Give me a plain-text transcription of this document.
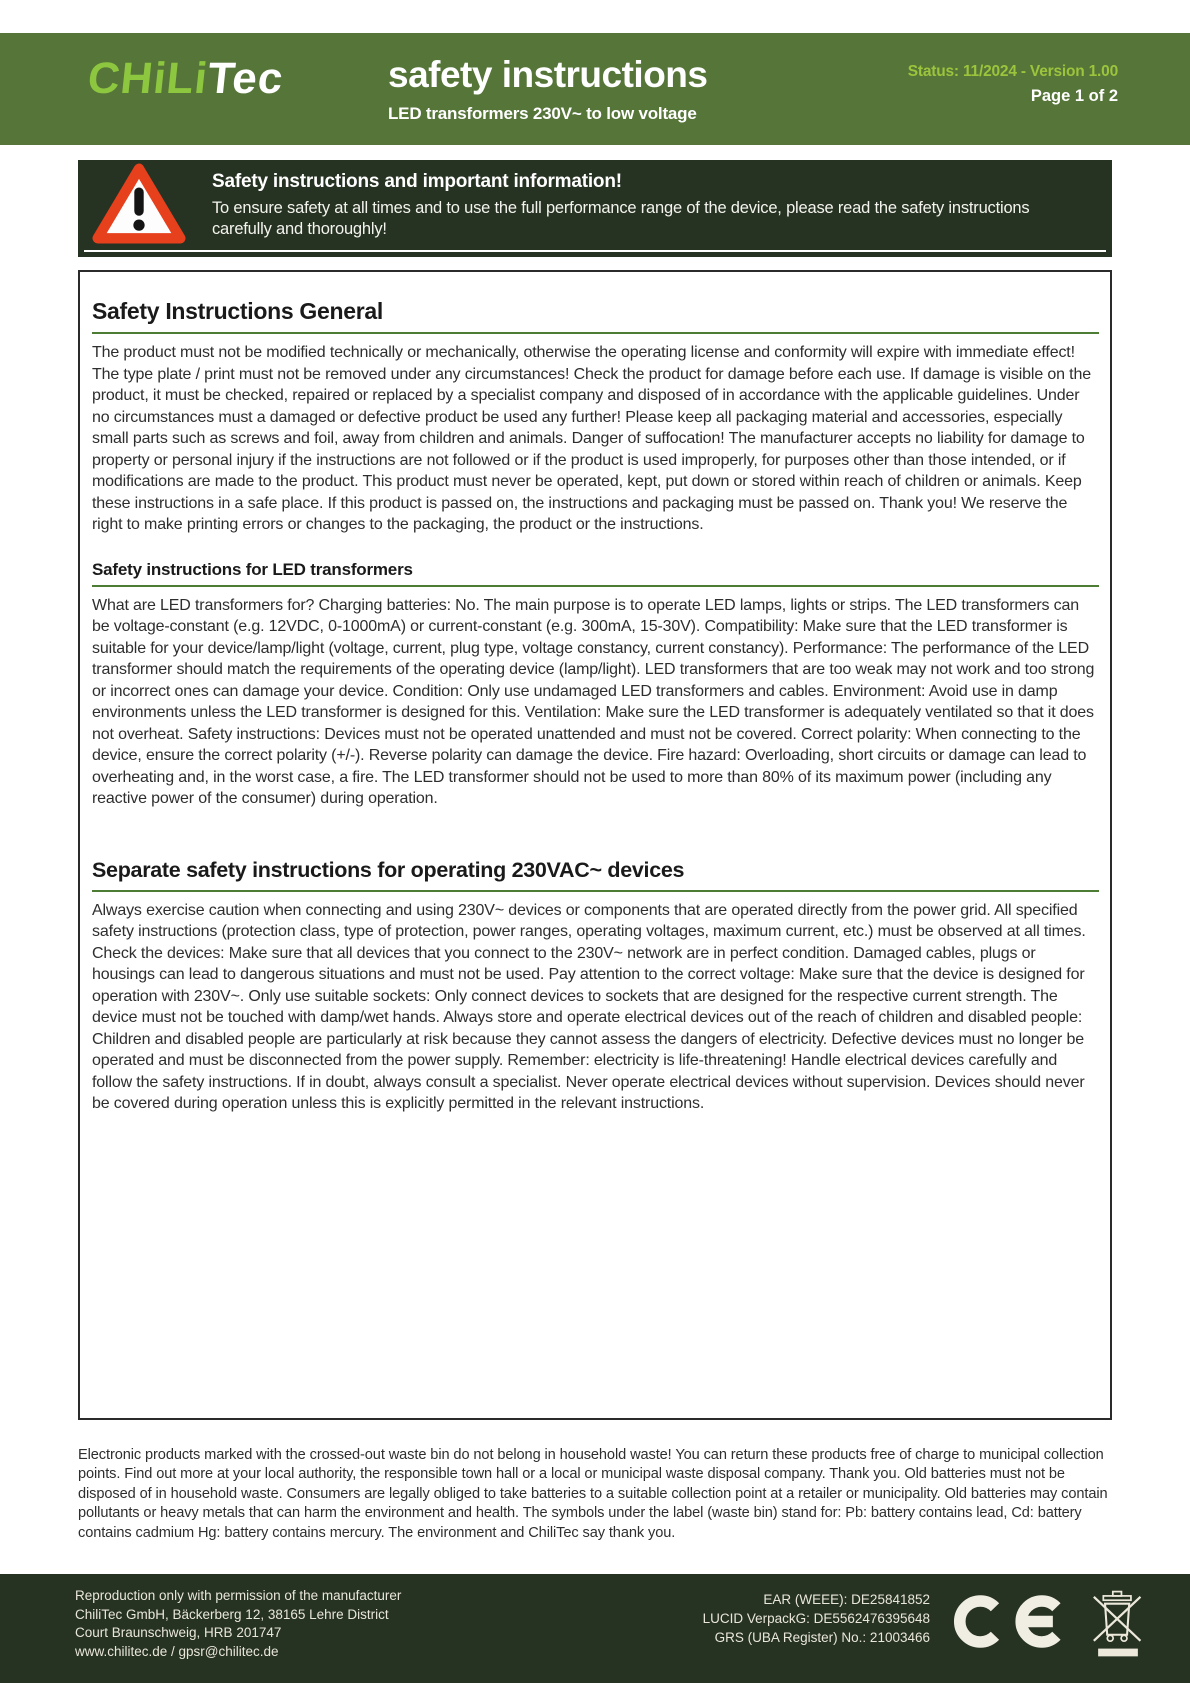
CHiLiTec	safety instructions
LED transformers 230V~ to low voltage
Status: 11/2024 - Version 1.00
Page 1 of 2
Safety instructions and important information!
To ensure safety at all times and to use the full performance range of the device, please read the safety instructions carefully and thoroughly!
Safety Instructions General

The product must not be modified technically or mechanically, otherwise the operating license and conformity will expire with immediate effect! The type plate / print must not be removed under any circumstances! Check the product for damage before each use. If damage is visible on the product, it must be checked, repaired or replaced by a specialist company and disposed of in accordance with the applicable guidelines. Under no circumstances must a damaged or defective product be used any further! Please keep all packaging material and accessories, especially small parts such as screws and foil, away from children and animals. Danger of suffocation! The manufacturer accepts no liability for damage to property or personal injury if the instructions are not followed or if the product is used improperly, for purposes other than those intended, or if modifications are made to the product. This product must never be operated, kept, put down or stored within reach of children or animals. Keep these instructions in a safe place. If this product is passed on, the instructions and packaging must be passed on. Thank you! We reserve the right to make printing errors or changes to the packaging, the product or the instructions.

Safety instructions for LED transformers

What are LED transformers for? Charging batteries: No. The main purpose is to operate LED lamps, lights or strips. The LED transformers can be voltage-constant (e.g. 12VDC, 0-1000mA) or current-constant (e.g. 300mA, 15-30V). Compatibility: Make sure that the LED transformer is suitable for your device/lamp/light (voltage, current, plug type, voltage constancy, current constancy). Performance: The performance of the LED transformer should match the requirements of the operating device (lamp/light). LED transformers that are too weak may not work and too strong or incorrect ones can damage your device. Condition: Only use undamaged LED transformers and cables. Environment: Avoid use in damp environments unless the LED transformer is designed for this. Ventilation: Make sure the LED transformer is adequately ventilated so that it does not overheat. Safety instructions: Devices must not be operated unattended and must not be covered. Correct polarity: When connecting to the device, ensure the correct polarity (+/-). Reverse polarity can damage the device. Fire hazard: Overloading, short circuits or damage can lead to overheating and, in the worst case, a fire. The LED transformer should not be used to more than 80% of its maximum power (including any reactive power of the consumer) during operation.

Separate safety instructions for operating 230VAC~ devices

Always exercise caution when connecting and using 230V~ devices or components that are operated directly from the power grid. All specified safety instructions (protection class, type of protection, power ranges, operating voltages, maximum current, etc.) must be observed at all times. Check the devices: Make sure that all devices that you connect to the 230V~ network are in perfect condition. Damaged cables, plugs or housings can lead to dangerous situations and must not be used. Pay attention to the correct voltage: Make sure that the device is designed for operation with 230V~. Only use suitable sockets: Only connect devices to sockets that are designed for the respective current strength. The device must not be touched with damp/wet hands. Always store and operate electrical devices out of the reach of children and disabled people: Children and disabled people are particularly at risk because they cannot assess the dangers of electricity. Defective devices must no longer be operated and must be disconnected from the power supply. Remember: electricity is life-threatening! Handle electrical devices carefully and follow the safety instructions. If in doubt, always consult a specialist. Never operate electrical devices without supervision. Devices should never be covered during operation unless this is explicitly permitted in the relevant instructions.

Electronic products marked with the crossed-out waste bin do not belong in household waste! You can return these products free of charge to municipal collection points. Find out more at your local authority, the responsible town hall or a local or municipal waste disposal company. Thank you. Old batteries must not be disposed of in household waste. Consumers are legally obliged to take batteries to a suitable collection point at a retailer or municipality. Old batteries may contain pollutants or heavy metals that can harm the environment and health. The symbols under the label (waste bin) stand for: Pb: battery contains lead, Cd: battery contains cadmium Hg: battery contains mercury. The environment and ChiliTec say thank you.

Reproduction only with permission of the manufacturer
ChiliTec GmbH, Bäckerberg 12, 38165 Lehre District
Court Braunschweig, HRB 201747
www.chilitec.de / gpsr@chilitec.de
EAR (WEEE): DE25841852
LUCID VerpackG: DE5562476395648
GRS (UBA Register) No.: 21003466
